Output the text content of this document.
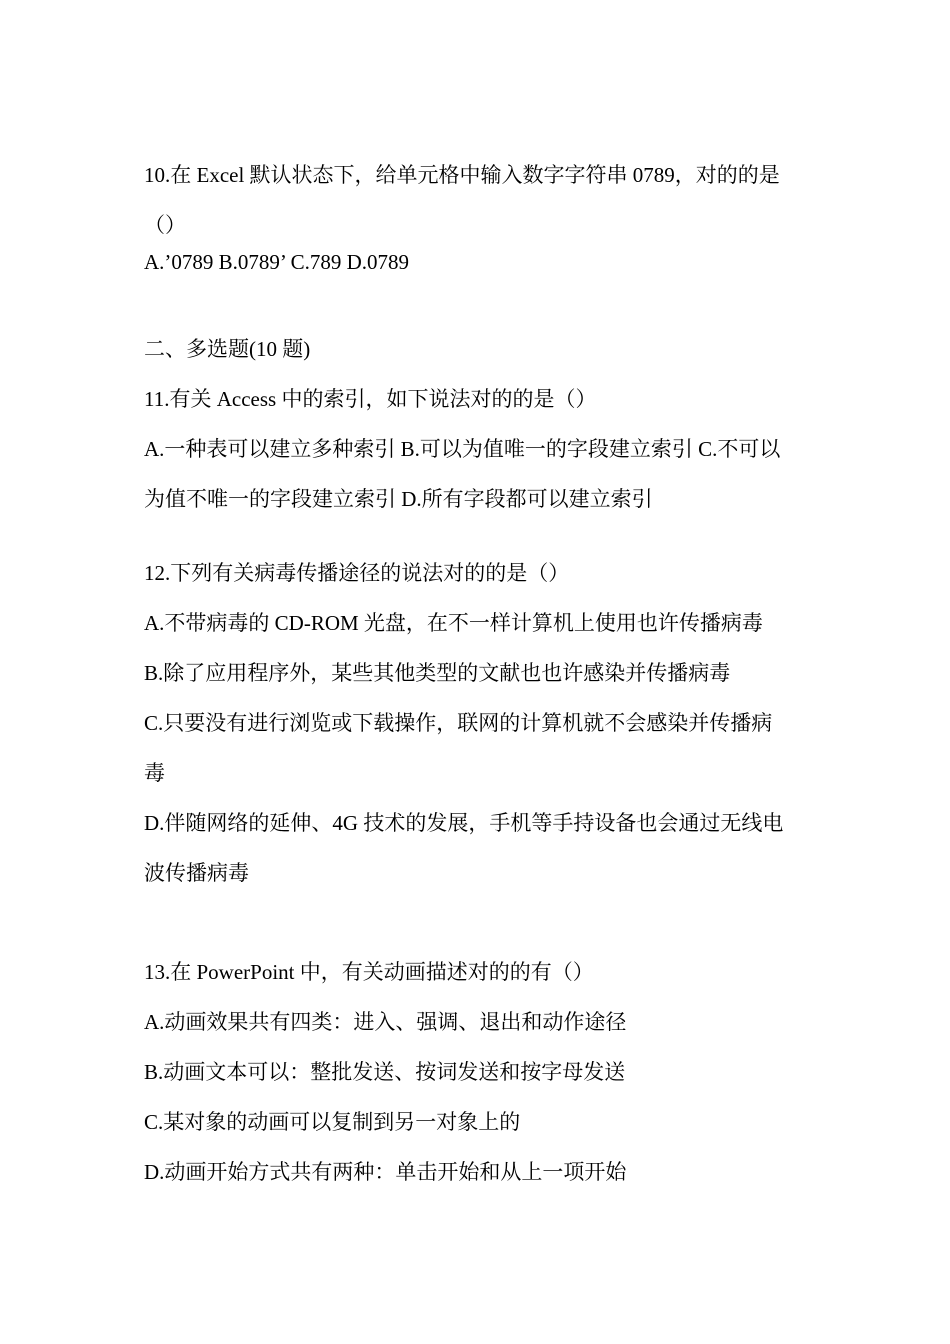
10.在 Excel 默认状态下，给单元格中输入数字字符串 0789，对的的是
（）
A.’0789 B.0789’ C.789 D.0789
二、多选题(10 题)
11.有关 Access 中的索引，如下说法对的的是（）
A.一种表可以建立多种索引 B.可以为值唯一的字段建立索引 C.不可以
为值不唯一的字段建立索引 D.所有字段都可以建立索引
12.下列有关病毒传播途径的说法对的的是（）
A.不带病毒的 CD-ROM 光盘，在不一样计算机上使用也许传播病毒
B.除了应用程序外，某些其他类型的文献也也许感染并传播病毒
C.只要没有进行浏览或下载操作，联网的计算机就不会感染并传播病
毒
D.伴随网络的延伸、4G 技术的发展，手机等手持设备也会通过无线电
波传播病毒
13.在 PowerPoint 中，有关动画描述对的的有（）
A.动画效果共有四类：进入、强调、退出和动作途径
B.动画文本可以：整批发送、按词发送和按字母发送
C.某对象的动画可以复制到另一对象上的
D.动画开始方式共有两种：单击开始和从上一项开始
